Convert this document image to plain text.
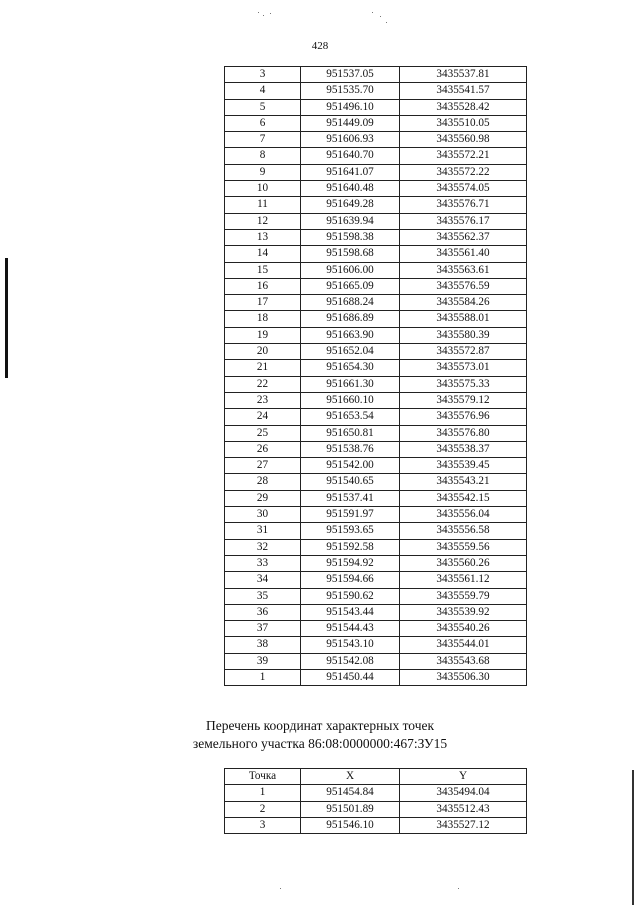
428
3	951537.05	3435537.81
4	951535.70	3435541.57
5	951496.10	3435528.42
6	951449.09	3435510.05
7	951606.93	3435560.98
8	951640.70	3435572.21
9	951641.07	3435572.22
10	951640.48	3435574.05
11	951649.28	3435576.71
12	951639.94	3435576.17
13	951598.38	3435562.37
14	951598.68	3435561.40
15	951606.00	3435563.61
16	951665.09	3435576.59
17	951688.24	3435584.26
18	951686.89	3435588.01
19	951663.90	3435580.39
20	951652.04	3435572.87
21	951654.30	3435573.01
22	951661.30	3435575.33
23	951660.10	3435579.12
24	951653.54	3435576.96
25	951650.81	3435576.80
26	951538.76	3435538.37
27	951542.00	3435539.45
28	951540.65	3435543.21
29	951537.41	3435542.15
30	951591.97	3435556.04
31	951593.65	3435556.58
32	951592.58	3435559.56
33	951594.92	3435560.26
34	951594.66	3435561.12
35	951590.62	3435559.79
36	951543.44	3435539.92
37	951544.43	3435540.26
38	951543.10	3435544.01
39	951542.08	3435543.68
1	951450.44	3435506.30
Перечень координат характерных точек
земельного участка 86:08:0000000:467:ЗУ15
Точка	X	Y
1	951454.84	3435494.04
2	951501.89	3435512.43
3	951546.10	3435527.12
